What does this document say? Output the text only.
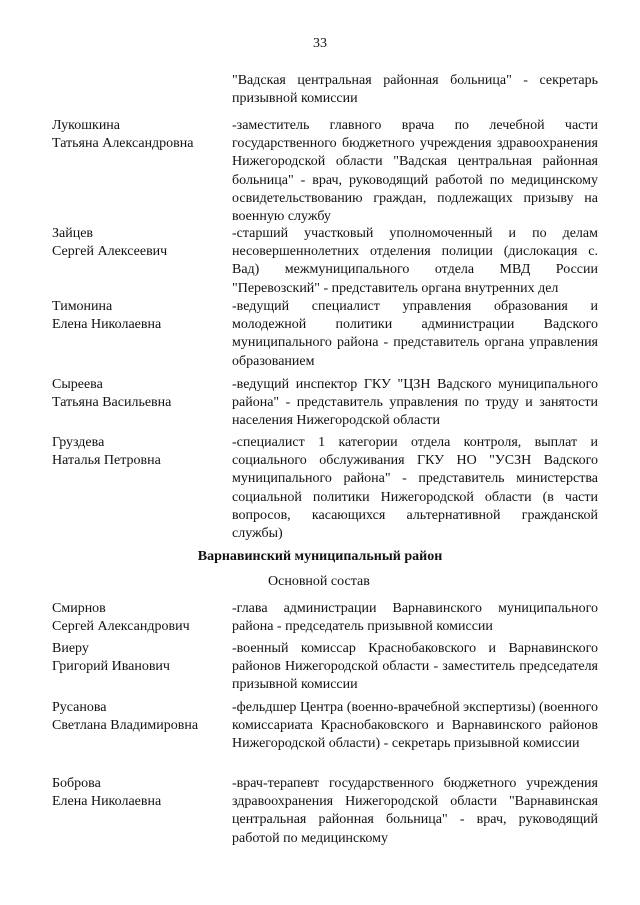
33
"Вадская центральная районная больница" - секретарь призывной комиссии
Лукошкина
Татьяна Александровна
-заместитель главного врача по лечебной части государственного бюджетного учреждения здравоохранения Нижегородской области "Вадская центральная районная больница" - врач, руководящий работой по медицинскому освидетельствованию граждан, подлежащих призыву на военную службу
Зайцев
Сергей Алексеевич
-старший участковый уполномоченный и по делам несовершеннолетних отделения полиции (дислокация с. Вад) межмуниципального отдела МВД России "Перевозский" - представитель органа внутренних дел
Тимонина
Елена Николаевна
-ведущий специалист управления образования и молодежной политики администрации Вадского муниципального района - представитель органа управления образованием
Сыреева
Татьяна Васильевна
-ведущий инспектор ГКУ "ЦЗН Вадского муниципального района" - представитель управления по труду и занятости населения Нижегородской области
Груздева
Наталья Петровна
-специалист 1 категории отдела контроля, выплат и социального обслуживания ГКУ НО "УСЗН Вадского муниципального района" - представитель министерства социальной политики Нижегородской области (в части вопросов, касающихся альтернативной гражданской службы)
Варнавинский муниципальный район
Основной состав
Смирнов
Сергей Александрович
-глава администрации Варнавинского муниципального района - председатель призывной комиссии
Виеру
Григорий Иванович
-военный комиссар Краснобаковского и Варнавинского районов Нижегородской области - заместитель председателя призывной комиссии
Русанова
Светлана Владимировна
-фельдшер Центра (военно-врачебной экспертизы) (военного комиссариата Краснобаковского и Варнавинского районов Нижегородской области) - секретарь призывной комиссии
Боброва
Елена Николаевна
-врач-терапевт государственного бюджетного учреждения здравоохранения Нижегородской области "Варнавинская центральная районная больница" - врач, руководящий работой по медицинскому
